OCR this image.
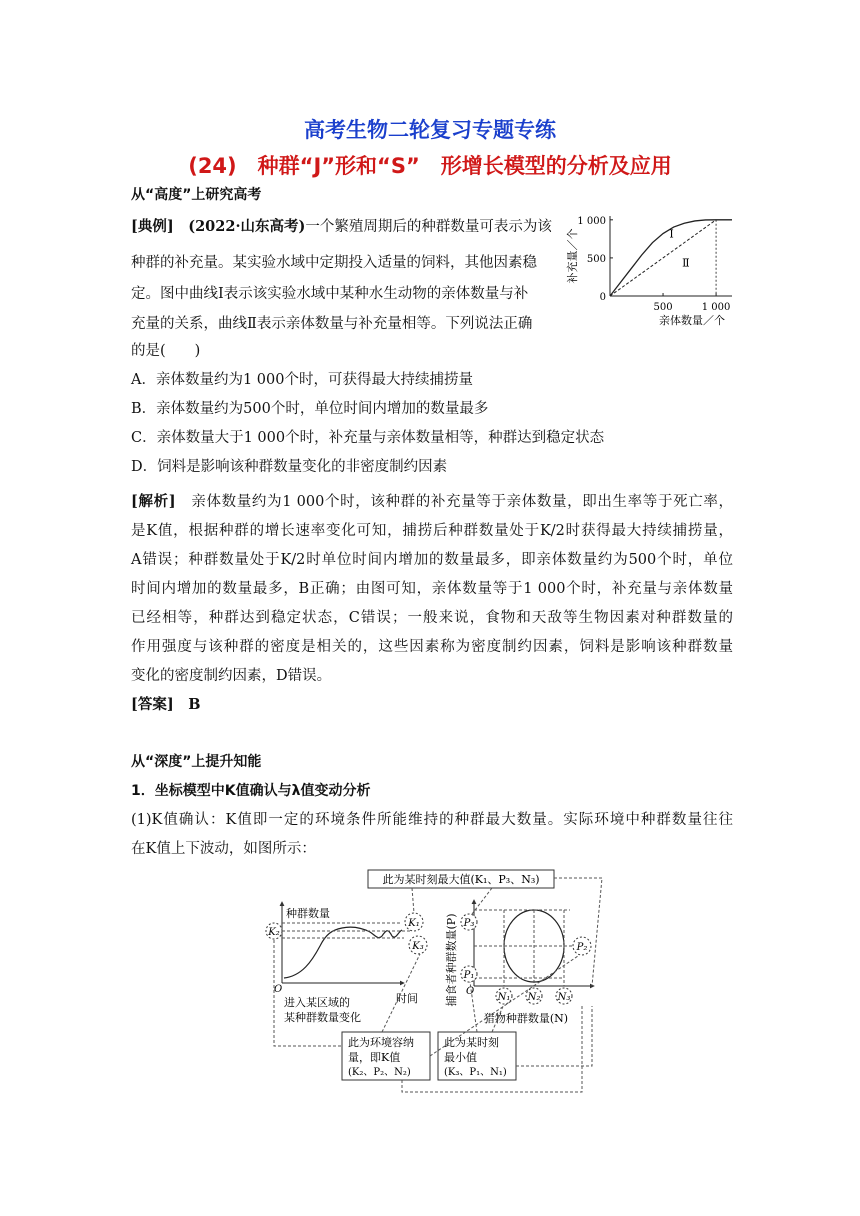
高考生物二轮复习专题专练
(24)　种群“J”形和“S”　形增长模型的分析及应用
从“高度”上研究高考
[典例]　 (2022·山东高考)一个繁殖周期后的种群数量可表示为该
种群的补充量。某实验水域中定期投入适量的饲料，其他因素稳
定。图中曲线Ⅰ表示该实验水域中某种水生动物的亲体数量与补
充量的关系，曲线Ⅱ表示亲体数量与补充量相等。下列说法正确
的是(　　)
A．亲体数量约为1 000个时，可获得最大持续捕捞量
B．亲体数量约为500个时，单位时间内增加的数量最多
C．亲体数量大于1 000个时，补充量与亲体数量相等，种群达到稳定状态
D．饲料是影响该种群数量变化的非密度制约因素
[解析]　亲体数量约为1 000个时，该种群的补充量等于亲体数量，即出生率等于死亡率，
是K值，根据种群的增长速率变化可知，捕捞后种群数量处于K/2时获得最大持续捕捞量，
A错误；种群数量处于K/2时单位时间内增加的数量最多，即亲体数量约为500个时，单位
时间内增加的数量最多，B正确；由图可知，亲体数量等于1 000个时，补充量与亲体数量
已经相等，种群达到稳定状态，C错误；一般来说，食物和天敌等生物因素对种群数量的
作用强度与该种群的密度是相关的，这些因素称为密度制约因素，饲料是影响该种群数量
变化的密度制约因素，D错误。
[答案]　 B
从“深度”上提升知能
1．坐标模型中K值确认与λ值变动分析
(1)K值确认：K值即一定的环境条件所能维持的种群最大数量。实际环境中种群数量往往
在K值上下波动，如图所示：
0
500
1 000
500	1 000
Ⅰ
Ⅱ
补充量／个
亲体数量／个
此为某时刻最大值(K₁、P₃、N₃)
种群数量
O
时间
进入某区域的
某种群数量变化
K₂
K₁
K₃ 捕食者种群数量(P) O
猎物种群数量(N)
P₃
P₁
P₂
N₁ N₂ N₃
此为环境容纳
量，即K值
(K₂、P₂、N₂)
此为某时刻
最小值
(K₃、P₁、N₁)
